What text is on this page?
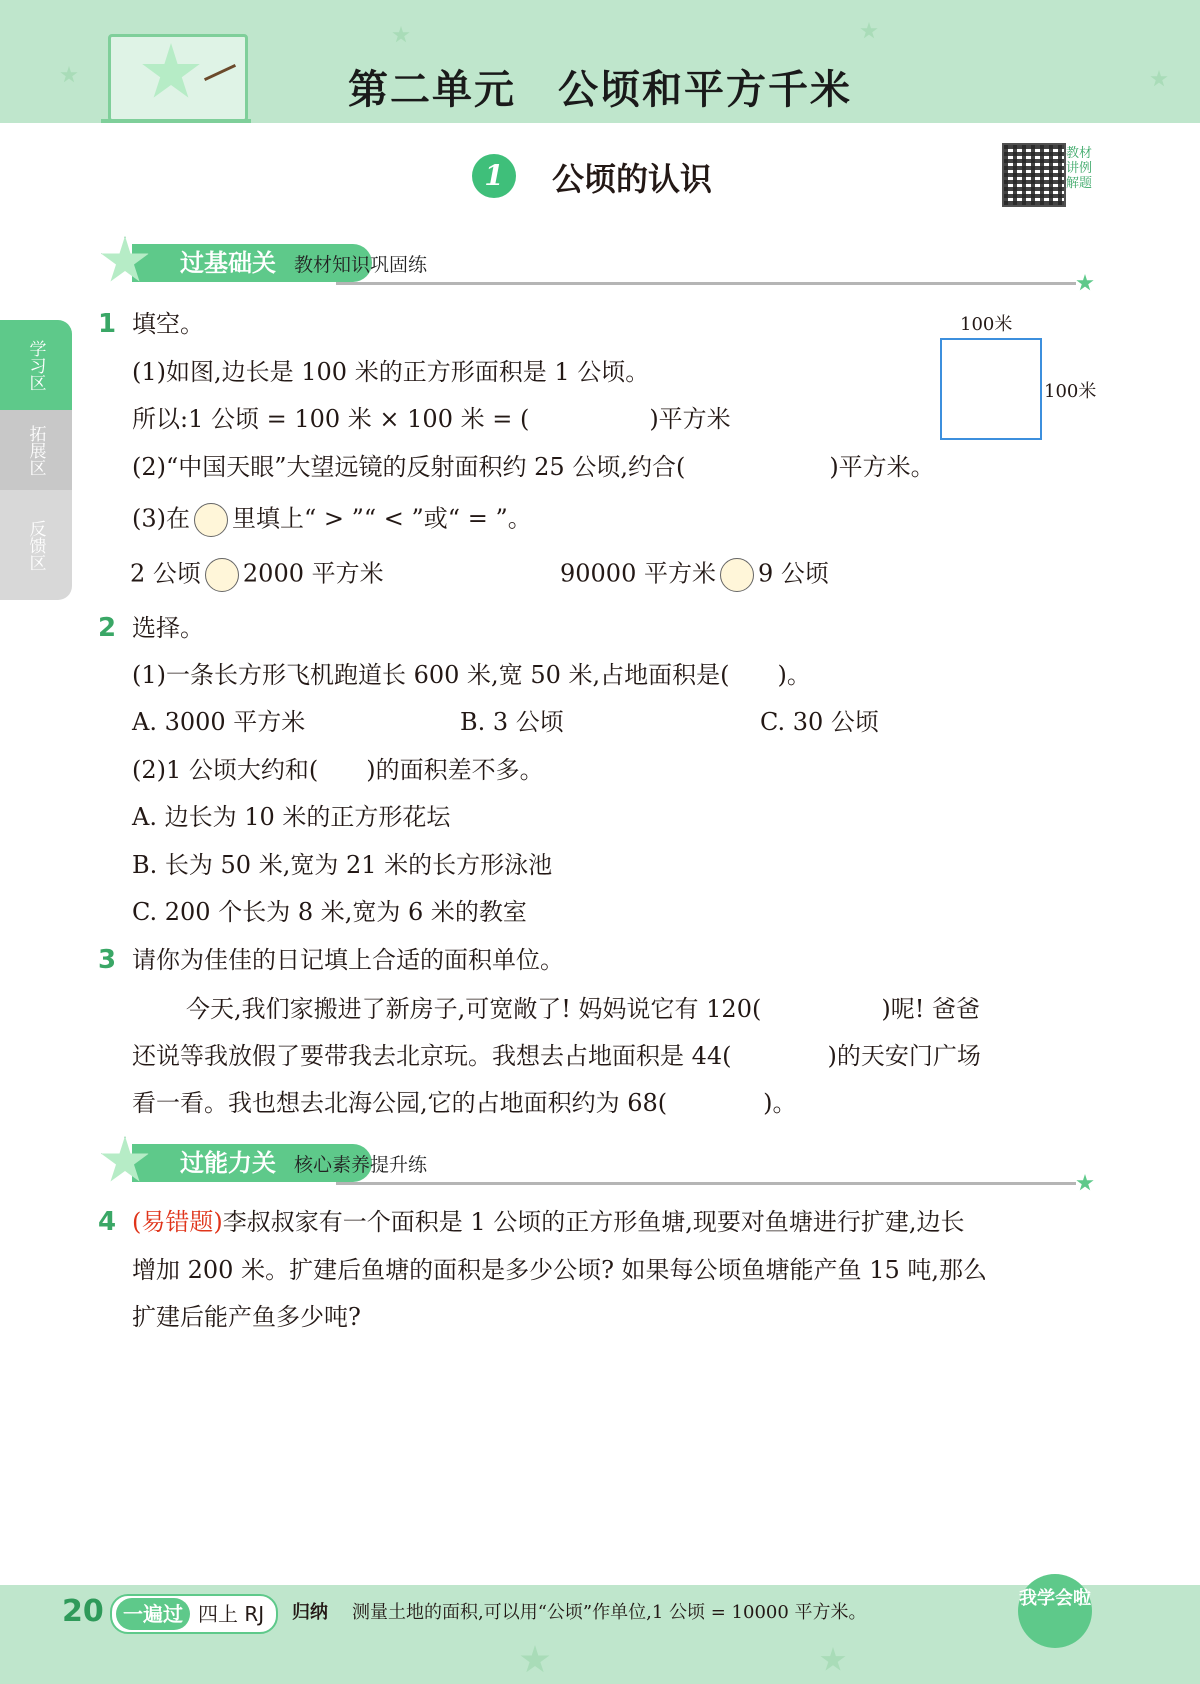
第二单元　公顷和平方千米
1	公顷的认识
教材讲例解题
学习区
拓展区
反馈区
过基础关 教材知识巩固练
100米
100米
1 填空。
(1)如图,边长是 100 米的正方形面积是 1 公顷。
所以:1 公顷 = 100 米 × 100 米 = (　　　　　)平方米
(2)“中国天眼”大望远镜的反射面积约 25 公顷,约合(　　　　　　)平方米。
(3)在 里填上“ > ”“ < ”或“ = ”。
2 公顷 2000 平方米	90000 平方米 9 公顷
2 选择。
(1)一条长方形飞机跑道长 600 米,宽 50 米,占地面积是(　　)。
A. 3000 平方米	B. 3 公顷	C. 30 公顷
(2)1 公顷大约和(　　)的面积差不多。
A. 边长为 10 米的正方形花坛
B. 长为 50 米,宽为 21 米的长方形泳池
C. 200 个长为 8 米,宽为 6 米的教室
3 请你为佳佳的日记填上合适的面积单位。
今天,我们家搬进了新房子,可宽敞了! 妈妈说它有 120(　　　　　)呢! 爸爸
还说等我放假了要带我去北京玩。我想去占地面积是 44(　　　　)的天安门广场
看一看。我也想去北海公园,它的占地面积约为 68(　　　　)。
过能力关 核心素养提升练
4 (易错题)李叔叔家有一个面积是 1 公顷的正方形鱼塘,现要对鱼塘进行扩建,边长
增加 200 米。扩建后鱼塘的面积是多少公顷? 如果每公顷鱼塘能产鱼 15 吨,那么
扩建后能产鱼多少吨?
20 一遍过 四上 RJ 归纳 测量土地的面积,可以用“公顷”作单位,1 公顷 = 10000 平方米。
我学会啦
